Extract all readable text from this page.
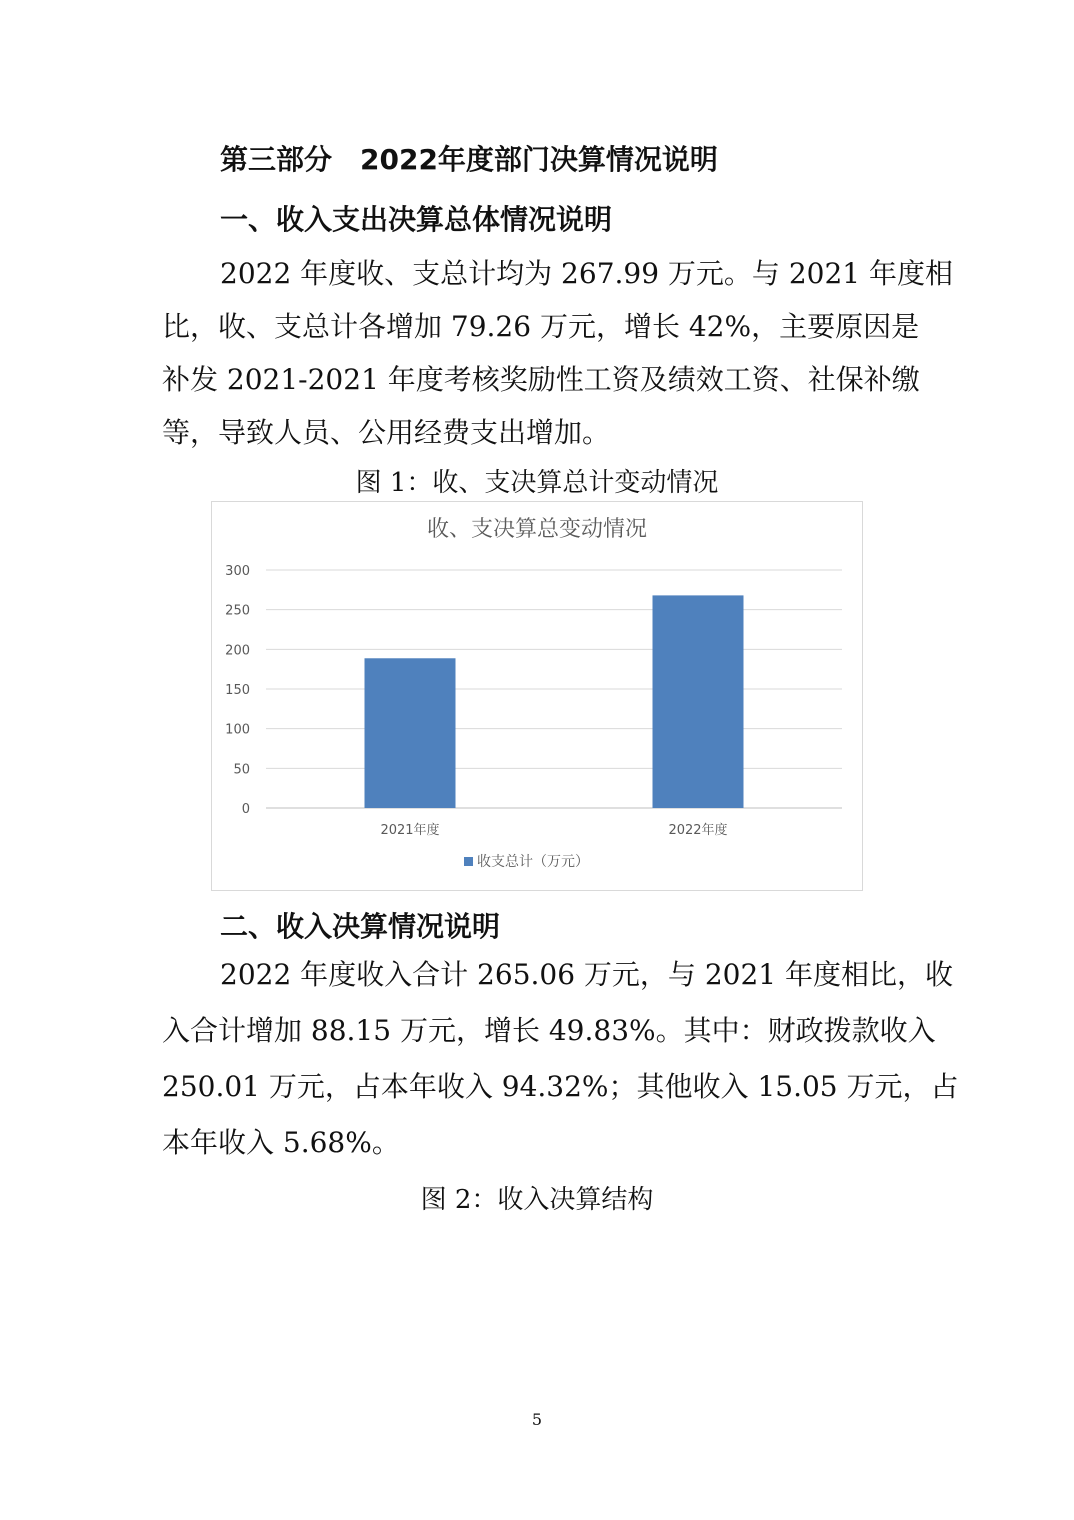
第三部分　2022年度部门决算情况说明
一、收入支出决算总体情况说明
2022 年度收、支总计均为 267.99 万元。与 2021 年度相
比，收、支总计各增加 79.26 万元，增长 42%，主要原因是
补发 2021-2021 年度考核奖励性工资及绩效工资、社保补缴
等，导致人员、公用经费支出增加。
图 1：收、支决算总计变动情况
收、支决算总变动情况
0
50
100
150
200
250
300
2021年度	2022年度
收支总计（万元）
二、收入决算情况说明
2022 年度收入合计 265.06 万元，与 2021 年度相比，收
入合计增加 88.15 万元，增长 49.83%。其中：财政拨款收入
250.01 万元，占本年收入 94.32%；其他收入 15.05 万元，占
本年收入 5.68%。
图 2：收入决算结构
5
